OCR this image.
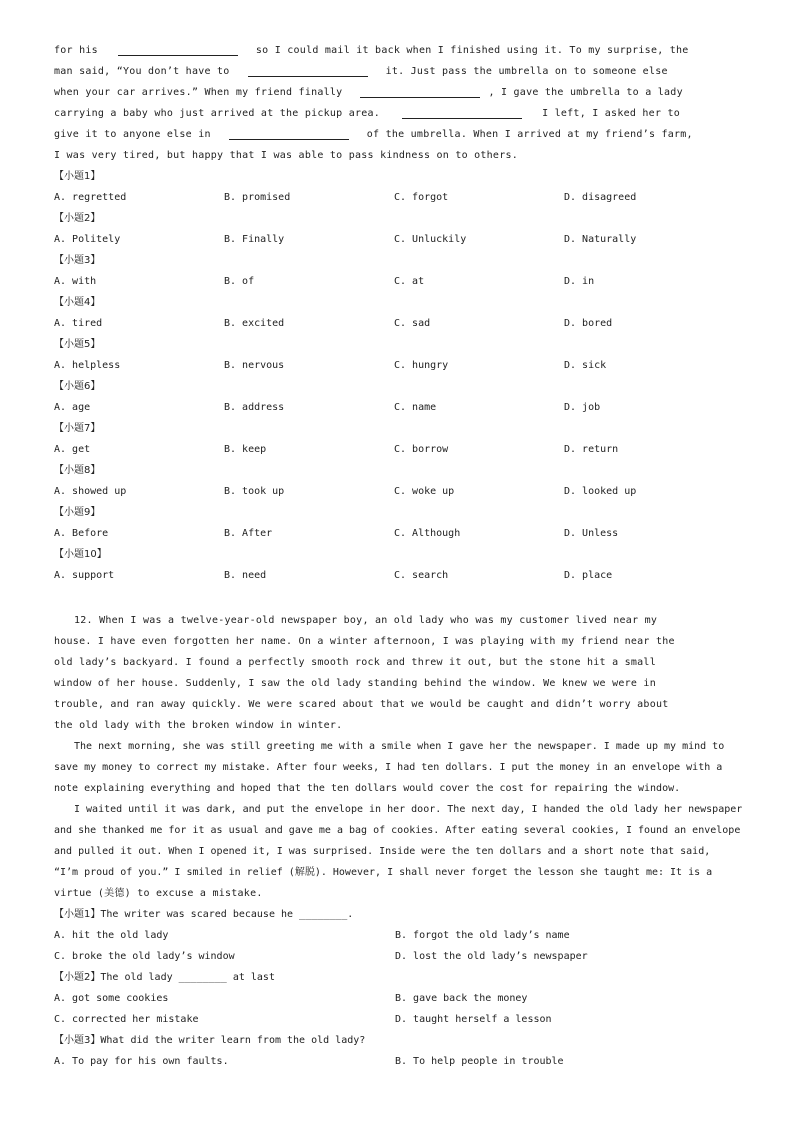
for his	so I could mail it back when I finished using it. To my surprise, the
man said, “You don’t have to	it. Just pass the umbrella on to someone else
when your car arrives.” When my friend finally	, I gave the umbrella to a lady
carrying a baby who just arrived at the pickup area.	I left, I asked her to
give it to anyone else in	of the umbrella. When I arrived at my friend’s farm,
I was very tired, but happy that I was able to pass kindness on to others.
【小题1】
A. regretted	B. promised	C. forgot	D. disagreed
【小题2】
A. Politely	B. Finally	C. Unluckily	D. Naturally
【小题3】
A. with	B. of	C. at	D. in
【小题4】
A. tired	B. excited	C. sad	D. bored
【小题5】
A. helpless	B. nervous	C. hungry	D. sick
【小题6】
A. age	B. address	C. name	D. job
【小题7】
A. get	B. keep	C. borrow	D. return
【小题8】
A. showed up	B. took up	C. woke up	D. looked up
【小题9】
A. Before	B. After	C. Although	D. Unless
【小题10】
A. support	B. need	C. search	D. place
12. When I was a twelve-year-old newspaper boy, an old lady who was my customer lived near my
house. I have even forgotten her name. On a winter afternoon, I was playing with my friend near the
old lady’s backyard. I found a perfectly smooth rock and threw it out, but the stone hit a small
window of her house. Suddenly, I saw the old lady standing behind the window. We knew we were in
trouble, and ran away quickly. We were scared about that we would be caught and didn’t worry about
the old lady with the broken window in winter.
The next morning, she was still greeting me with a smile when I gave her the newspaper. I made up my mind to
save my money to correct my mistake. After four weeks, I had ten dollars. I put the money in an envelope with a
note explaining everything and hoped that the ten dollars would cover the cost for repairing the window.
I waited until it was dark, and put the envelope in her door. The next day, I handed the old lady her newspaper
and she thanked me for it as usual and gave me a bag of cookies. After eating several cookies, I found an envelope
and pulled it out. When I opened it, I was surprised. Inside were the ten dollars and a short note that said,
“I’m proud of you.” I smiled in relief (解脱). However, I shall never forget the lesson she taught me: It is a
virtue (美德) to excuse a mistake.
【小题1】The writer was scared because he ________.
A. hit the old lady	B. forgot the old lady’s name
C. broke the old lady’s window	D. lost the old lady’s newspaper
【小题2】The old lady ________ at last
A. got some cookies	B. gave back the money
C. corrected her mistake	D. taught herself a lesson
【小题3】What did the writer learn from the old lady?
A. To pay for his own faults.	B. To help people in trouble
